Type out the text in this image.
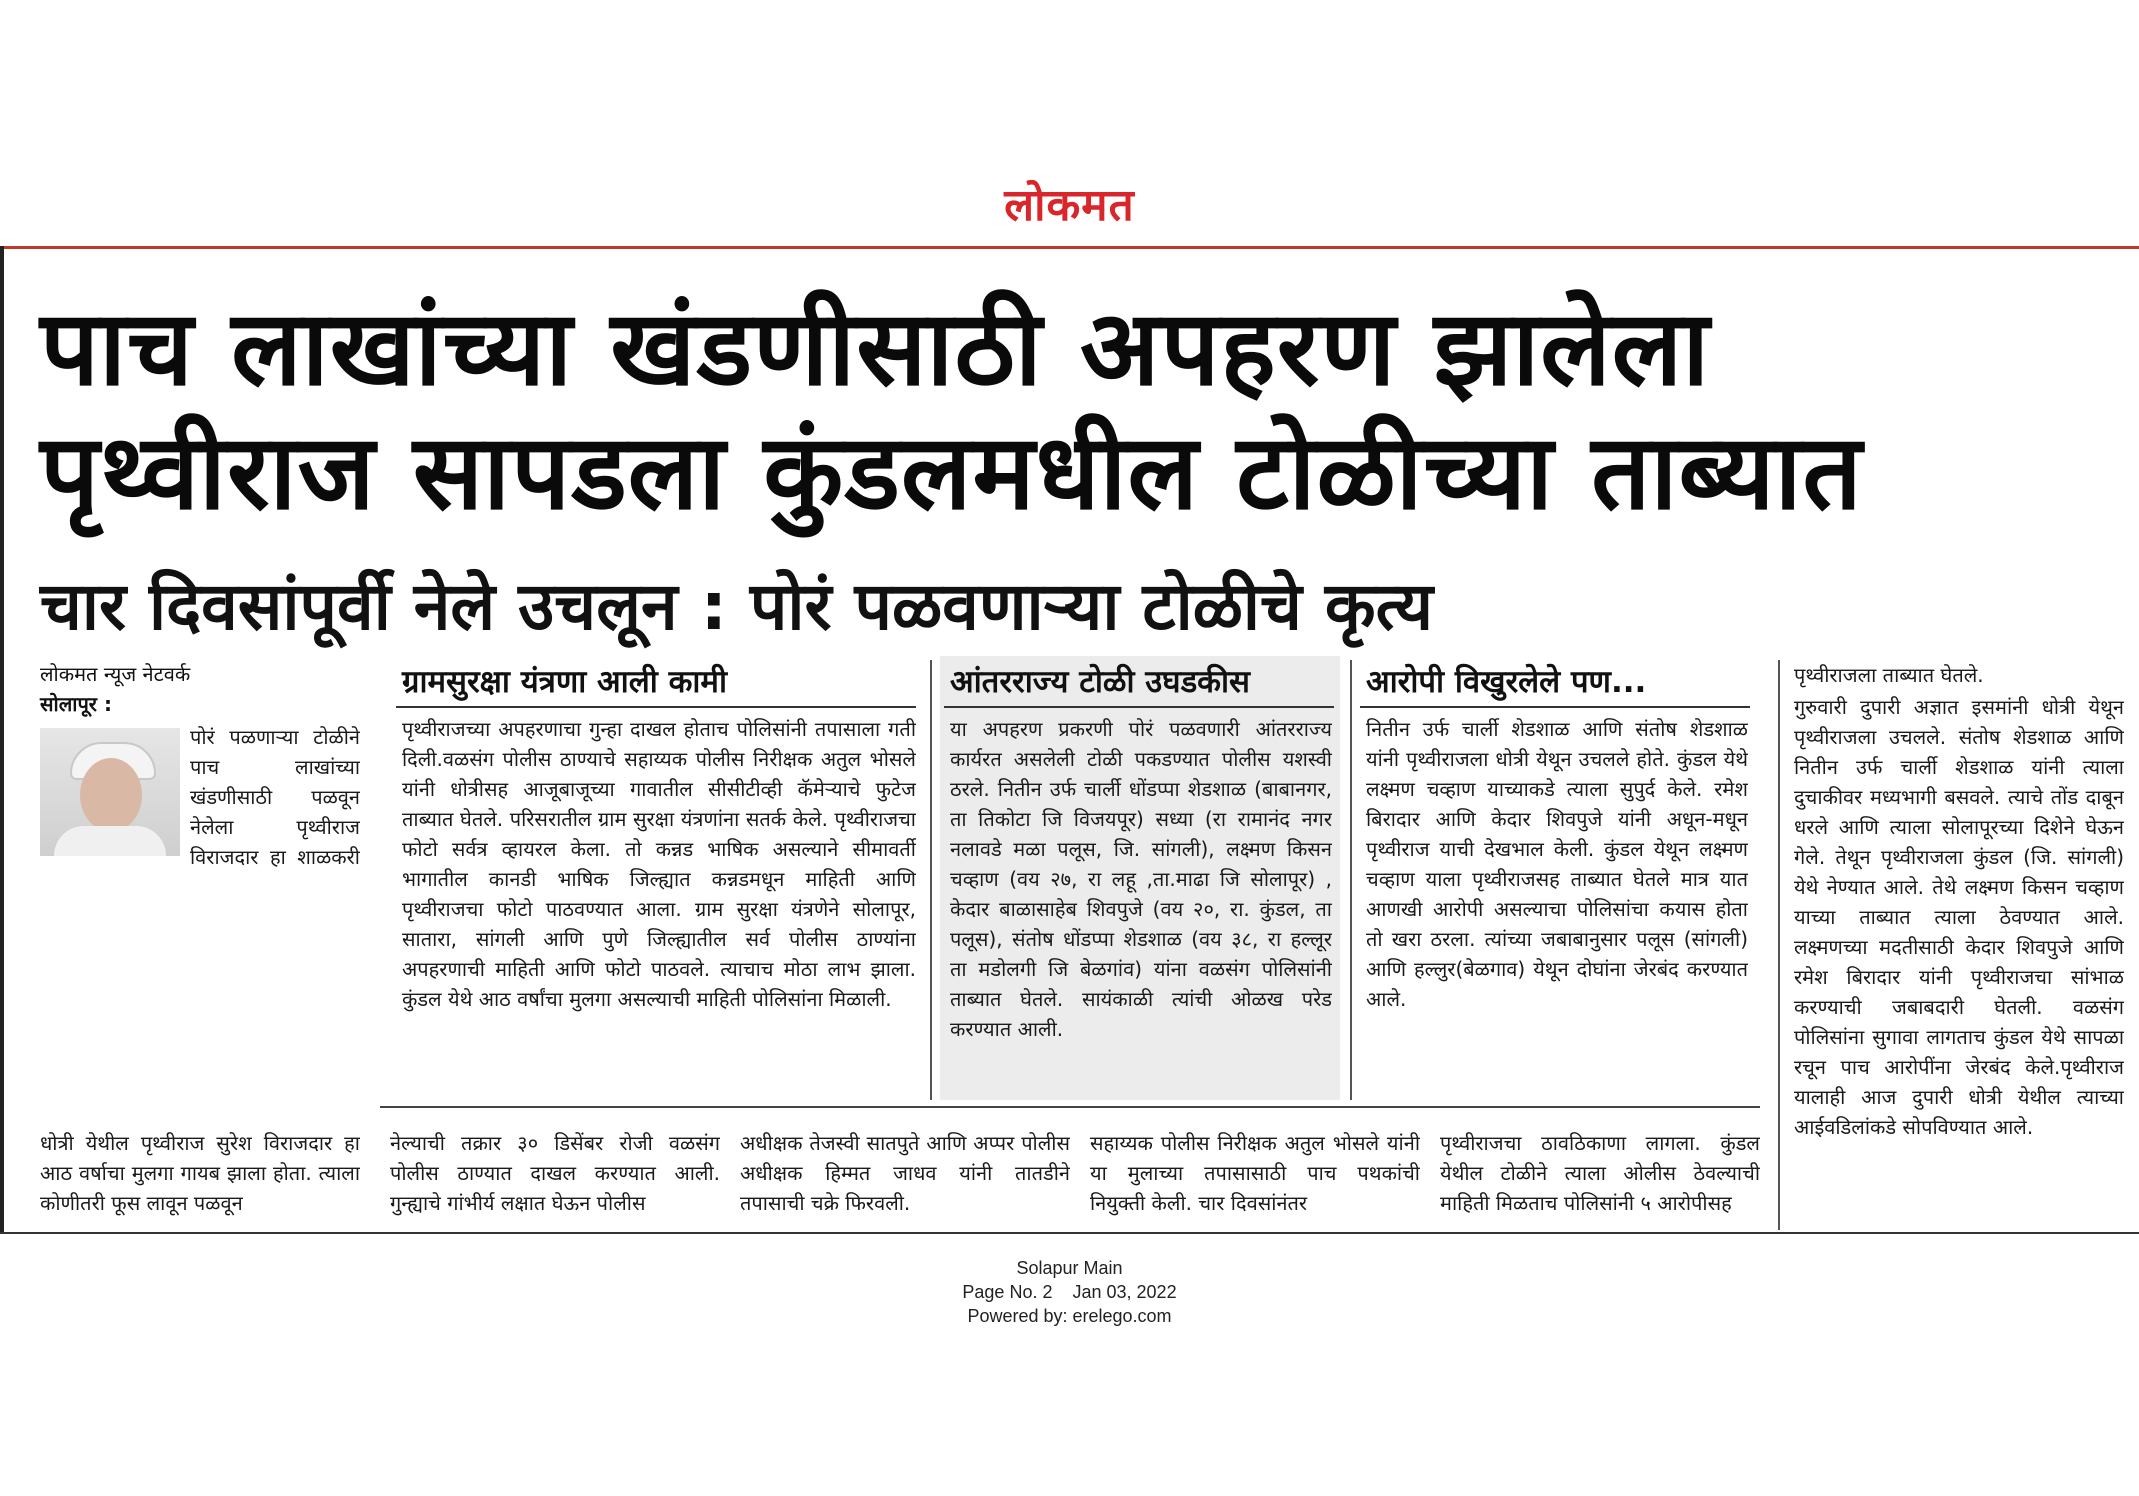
लोकमत
पाच लाखांच्या खंडणीसाठी अपहरण झालेला
पृथ्वीराज सापडला कुंडलमधील टोळीच्या ताब्यात
चार दिवसांपूर्वी नेले उचलून : पोरं पळवणाऱ्या टोळीचे कृत्य
लोकमत न्यूज नेटवर्क
सोलापूर :

पोरं पळणाऱ्या टोळीने पाच लाखांच्या खंडणीसाठी पळवून नेलेला पृथ्वीराज विराजदार हा शाळकरी

धोत्री येथील पृथ्वीराज सुरेश विराजदार हा आठ वर्षाचा मुलगा गायब झाला होता. त्याला कोणीतरी फूस लावून पळवून

ग्रामसुरक्षा यंत्रणा आली कामी

पृथ्वीराजच्या अपहरणाचा गुन्हा दाखल होताच पोलिसांनी तपासाला गती दिली.वळसंग पोलीस ठाण्याचे सहाय्यक पोलीस निरीक्षक अतुल भोसले यांनी धोत्रीसह आजूबाजूच्या गावातील सीसीटीव्ही कॅमेऱ्याचे फुटेज ताब्यात घेतले. परिसरातील ग्राम सुरक्षा यंत्रणांना सतर्क केले. पृथ्वीराजचा फोटो सर्वत्र व्हायरल केला. तो कन्नड भाषिक असल्याने सीमावर्ती भागातील कानडी भाषिक जिल्ह्यात कन्नडमधून माहिती आणि पृथ्वीराजचा फोटो पाठवण्यात आला. ग्राम सुरक्षा यंत्रणेने सोलापूर, सातारा, सांगली आणि पुणे जिल्ह्यातील सर्व पोलीस ठाण्यांना अपहरणाची माहिती आणि फोटो पाठवले. त्याचाच मोठा लाभ झाला. कुंडल येथे आठ वर्षांचा मुलगा असल्याची माहिती पोलिसांना मिळाली.

आंतरराज्य टोळी उघडकीस

या अपहरण प्रकरणी पोरं पळवणारी आंतरराज्य कार्यरत असलेली टोळी पकडण्यात पोलीस यशस्वी ठरले. नितीन उर्फ चार्ली धोंडप्पा शेडशाळ (बाबानगर, ता तिकोटा जि विजयपूर) सध्या (रा रामानंद नगर नलावडे मळा पलूस, जि. सांगली), लक्ष्मण किसन चव्हाण (वय २७, रा लहू ,ता.माढा जि सोलापूर) , केदार बाळासाहेब शिवपुजे (वय २०, रा. कुंडल, ता पलूस), संतोष धोंडप्पा शेडशाळ (वय ३८, रा हल्लूर ता मडोलगी जि बेळगांव) यांना वळसंग पोलिसांनी ताब्यात घेतले. सायंकाळी त्यांची ओळख परेड करण्यात आली.

आरोपी विखुरलेले पण...

नितीन उर्फ चार्ली शेडशाळ आणि संतोष शेडशाळ यांनी पृथ्वीराजला धोत्री येथून उचलले होते. कुंडल येथे लक्ष्मण चव्हाण याच्याकडे त्याला सुपुर्द केले. रमेश बिरादार आणि केदार शिवपुजे यांनी अधून-मधून पृथ्वीराज याची देखभाल केली. कुंडल येथून लक्ष्मण चव्हाण याला पृथ्वीराजसह ताब्यात घेतले मात्र यात आणखी आरोपी असल्याचा पोलिसांचा कयास होता तो खरा ठरला. त्यांच्या जबाबानुसार पलूस (सांगली) आणि हल्लुर(बेळगाव) येथून दोघांना जेरबंद करण्यात आले.

पृथ्वीराजला ताब्यात घेतले.

गुरुवारी दुपारी अज्ञात इसमांनी धोत्री येथून पृथ्वीराजला उचलले. संतोष शेडशाळ आणि नितीन उर्फ चार्ली शेडशाळ यांनी त्याला दुचाकीवर मध्यभागी बसवले. त्याचे तोंड दाबून धरले आणि त्याला सोलापूरच्या दिशेने घेऊन गेले. तेथून पृथ्वीराजला कुंडल (जि. सांगली) येथे नेण्यात आले. तेथे लक्ष्मण किसन चव्हाण याच्या ताब्यात त्याला ठेवण्यात आले. लक्ष्मणच्या मदतीसाठी केदार शिवपुजे आणि रमेश बिरादार यांनी पृथ्वीराजचा सांभाळ करण्याची जबाबदारी घेतली. वळसंग पोलिसांना सुगावा लागताच कुंडल येथे सापळा रचून पाच आरोपींना जेरबंद केले.पृथ्वीराज यालाही आज दुपारी धोत्री येथील त्याच्या आईवडिलांकडे सोपविण्यात आले.

नेल्याची तक्रार ३० डिसेंबर रोजी वळसंग पोलीस ठाण्यात दाखल करण्यात आली. गुन्ह्याचे गांभीर्य लक्षात घेऊन पोलीस

अधीक्षक तेजस्वी सातपुते आणि अप्पर पोलीस अधीक्षक हिम्मत जाधव यांनी तातडीने तपासाची चक्रे फिरवली.

सहाय्यक पोलीस निरीक्षक अतुल भोसले यांनी या मुलाच्या तपासासाठी पाच पथकांची नियुक्ती केली. चार दिवसांनंतर

पृथ्वीराजचा ठावठिकाणा लागला. कुंडल येथील टोळीने त्याला ओलीस ठेवल्याची माहिती मिळताच पोलिसांनी ५ आरोपीसह

Solapur Main
Page No. 2 Jan 03, 2022
Powered by: erelego.com
